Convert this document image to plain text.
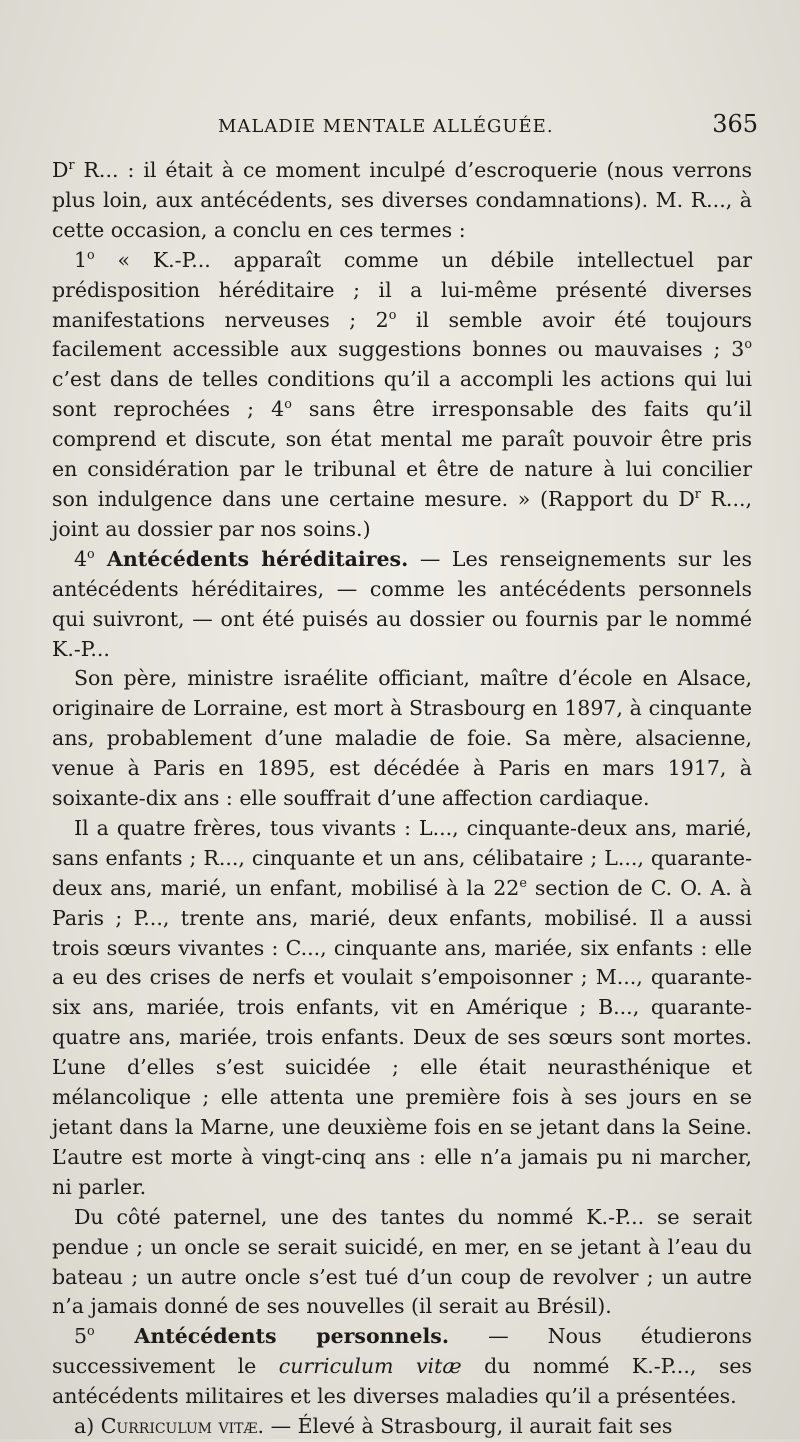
MALADIE MENTALE ALLÉGUÉE.	365

$D^r$ R... : il était à ce moment inculpé d’escroquerie (nous verrons plus loin, aux antécédents, ses diverses condamnations). M. R..., à cette occasion, a conclu en ces termes :

1$^o$ « K.-P... apparaît comme un débile intellectuel par prédisposition héréditaire ; il a lui-même présenté diverses manifestations nerveuses ; 2$^o$ il semble avoir été toujours facilement accessible aux suggestions bonnes ou mauvaises ; 3$^o$ c’est dans de telles conditions qu’il a accompli les actions qui lui sont reprochées ; 4$^o$ sans être irresponsable des faits qu’il comprend et discute, son état mental me paraît pouvoir être pris en considération par le tribunal et être de nature à lui concilier son indulgence dans une certaine mesure. » (Rapport du $D^r$ R..., joint au dossier par nos soins.)

4$^o$ Antécédents héréditaires. — Les renseignements sur les antécédents héréditaires, — comme les antécédents personnels qui suivront, — ont été puisés au dossier ou fournis par le nommé K.-P...

Son père, ministre israélite officiant, maître d’école en Alsace, originaire de Lorraine, est mort à Strasbourg en 1897, à cinquante ans, probablement d’une maladie de foie. Sa mère, alsacienne, venue à Paris en 1895, est décédée à Paris en mars 1917, à soixante-dix ans : elle souffrait d’une affection cardiaque.

Il a quatre frères, tous vivants : L..., cinquante-deux ans, marié, sans enfants ; R..., cinquante et un ans, célibataire ; L..., quarante-deux ans, marié, un enfant, mobilisé à la 22e section de C. O. A. à Paris ; P..., trente ans, marié, deux enfants, mobilisé. Il a aussi trois sœurs vivantes : C..., cinquante ans, mariée, six enfants : elle a eu des crises de nerfs et voulait s’empoisonner ; M..., quarante-six ans, mariée, trois enfants, vit en Amérique ; B..., quarante-quatre ans, mariée, trois enfants. Deux de ses sœurs sont mortes. L’une d’elles s’est suicidée ; elle était neurasthénique et mélancolique ; elle attenta une première fois à ses jours en se jetant dans la Marne, une deuxième fois en se jetant dans la Seine. L’autre est morte à vingt-cinq ans : elle n’a jamais pu ni marcher, ni parler.

Du côté paternel, une des tantes du nommé K.-P... se serait pendue ; un oncle se serait suicidé, en mer, en se jetant à l’eau du bateau ; un autre oncle s’est tué d’un coup de revolver ; un autre n’a jamais donné de ses nouvelles (il serait au Brésil).

5$^o$ Antécédents personnels. — Nous étudierons successivement le curriculum vitæ du nommé K.-P..., ses antécédents militaires et les diverses maladies qu’il a présentées.

a) Curriculum vitæ. — Élevé à Strasbourg, il aurait fait ses
